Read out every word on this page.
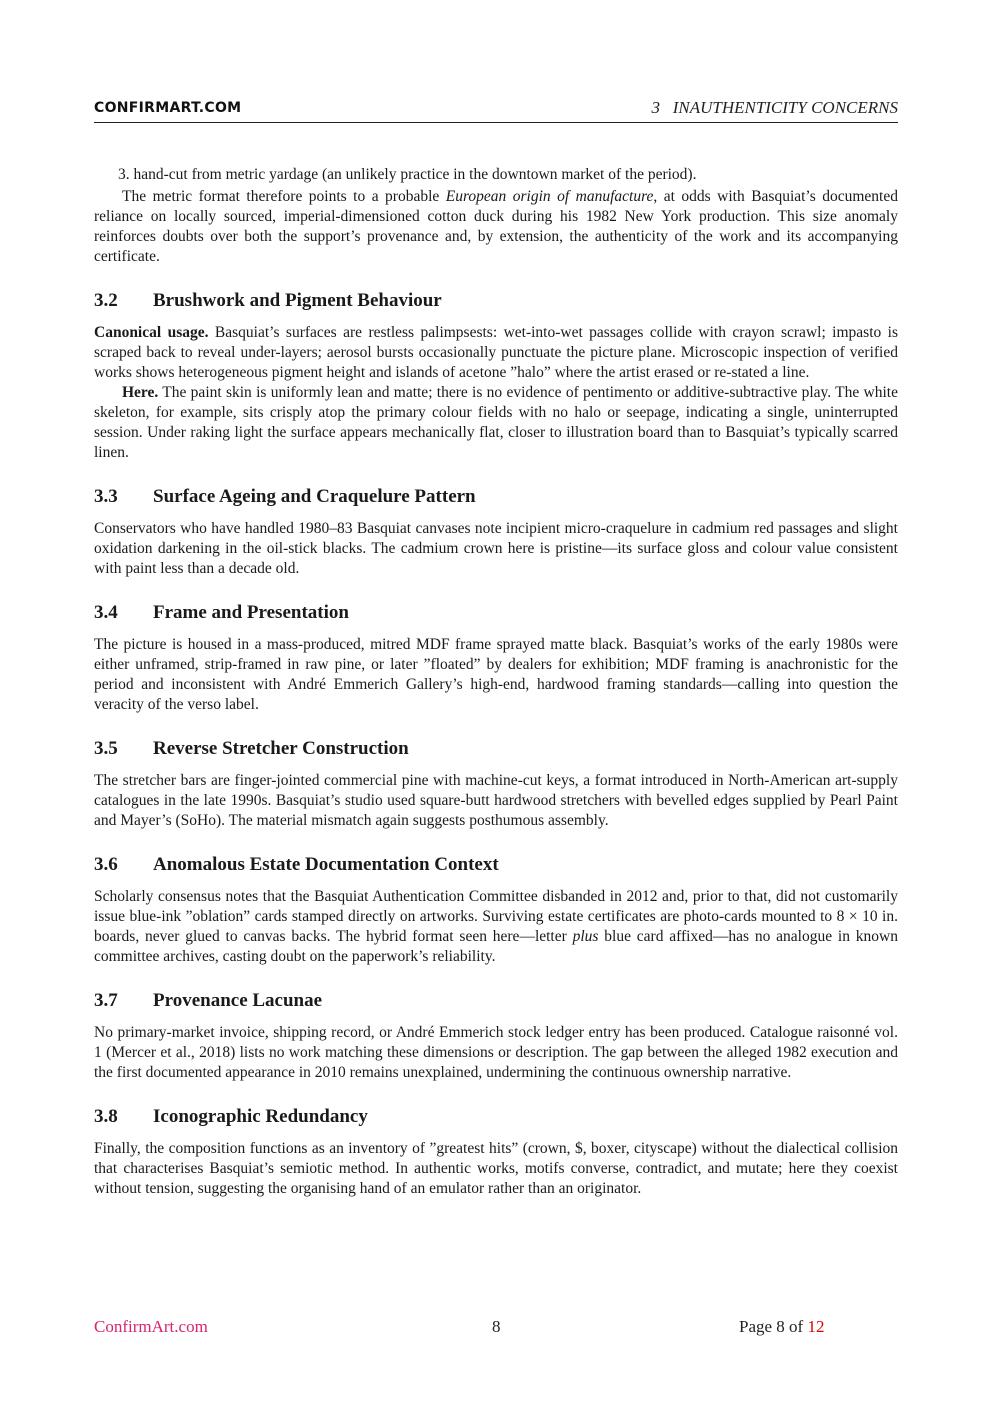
CONFIRMART.COM	3   INAUTHENTICITY CONCERNS

3. hand-cut from metric yardage (an unlikely practice in the downtown market of the period).

The metric format therefore points to a probable European origin of manufacture, at odds with Basquiat’s documented reliance on locally sourced, imperial-dimensioned cotton duck during his 1982 New York production. This size anomaly reinforces doubts over both the support’s provenance and, by extension, the authenticity of the work and its accompanying certificate.

3.2 Brushwork and Pigment Behaviour

Canonical usage. Basquiat’s surfaces are restless palimpsests: wet-into-wet passages collide with crayon scrawl; impasto is scraped back to reveal under-layers; aerosol bursts occasionally punctuate the picture plane. Microscopic inspection of verified works shows heterogeneous pigment height and islands of acetone ”halo” where the artist erased or re-stated a line.

Here. The paint skin is uniformly lean and matte; there is no evidence of pentimento or additive-subtractive play. The white skeleton, for example, sits crisply atop the primary colour fields with no halo or seepage, indicating a single, uninterrupted session. Under raking light the surface appears mechanically flat, closer to illustration board than to Basquiat’s typically scarred linen.

3.3 Surface Ageing and Craquelure Pattern

Conservators who have handled 1980–83 Basquiat canvases note incipient micro-craquelure in cadmium red passages and slight oxidation darkening in the oil-stick blacks. The cadmium crown here is pristine—its surface gloss and colour value consistent with paint less than a decade old.

3.4 Frame and Presentation

The picture is housed in a mass-produced, mitred MDF frame sprayed matte black. Basquiat’s works of the early 1980s were either unframed, strip-framed in raw pine, or later ”floated” by dealers for exhibition; MDF framing is anachronistic for the period and inconsistent with André Emmerich Gallery’s high-end, hardwood framing standards—calling into question the veracity of the verso label.

3.5 Reverse Stretcher Construction

The stretcher bars are finger-jointed commercial pine with machine-cut keys, a format introduced in North-American art-supply catalogues in the late 1990s. Basquiat’s studio used square-butt hardwood stretchers with bevelled edges supplied by Pearl Paint and Mayer’s (SoHo). The material mismatch again suggests posthumous assembly.

3.6 Anomalous Estate Documentation Context

Scholarly consensus notes that the Basquiat Authentication Committee disbanded in 2012 and, prior to that, did not customarily issue blue-ink ”oblation” cards stamped directly on artworks. Surviving estate certificates are photo-cards mounted to 8 × 10 in. boards, never glued to canvas backs. The hybrid format seen here—letter plus blue card affixed—has no analogue in known committee archives, casting doubt on the paperwork’s reliability.

3.7 Provenance Lacunae

No primary-market invoice, shipping record, or André Emmerich stock ledger entry has been produced. Catalogue raisonné vol. 1 (Mercer et al., 2018) lists no work matching these dimensions or description. The gap between the alleged 1982 execution and the first documented appearance in 2010 remains unexplained, undermining the continuous ownership narrative.

3.8 Iconographic Redundancy

Finally, the composition functions as an inventory of ”greatest hits” (crown, $, boxer, cityscape) without the dialectical collision that characterises Basquiat’s semiotic method. In authentic works, motifs converse, contradict, and mutate; here they coexist without tension, suggesting the organising hand of an emulator rather than an originator.

ConfirmArt.com	8	Page 8 of 12
